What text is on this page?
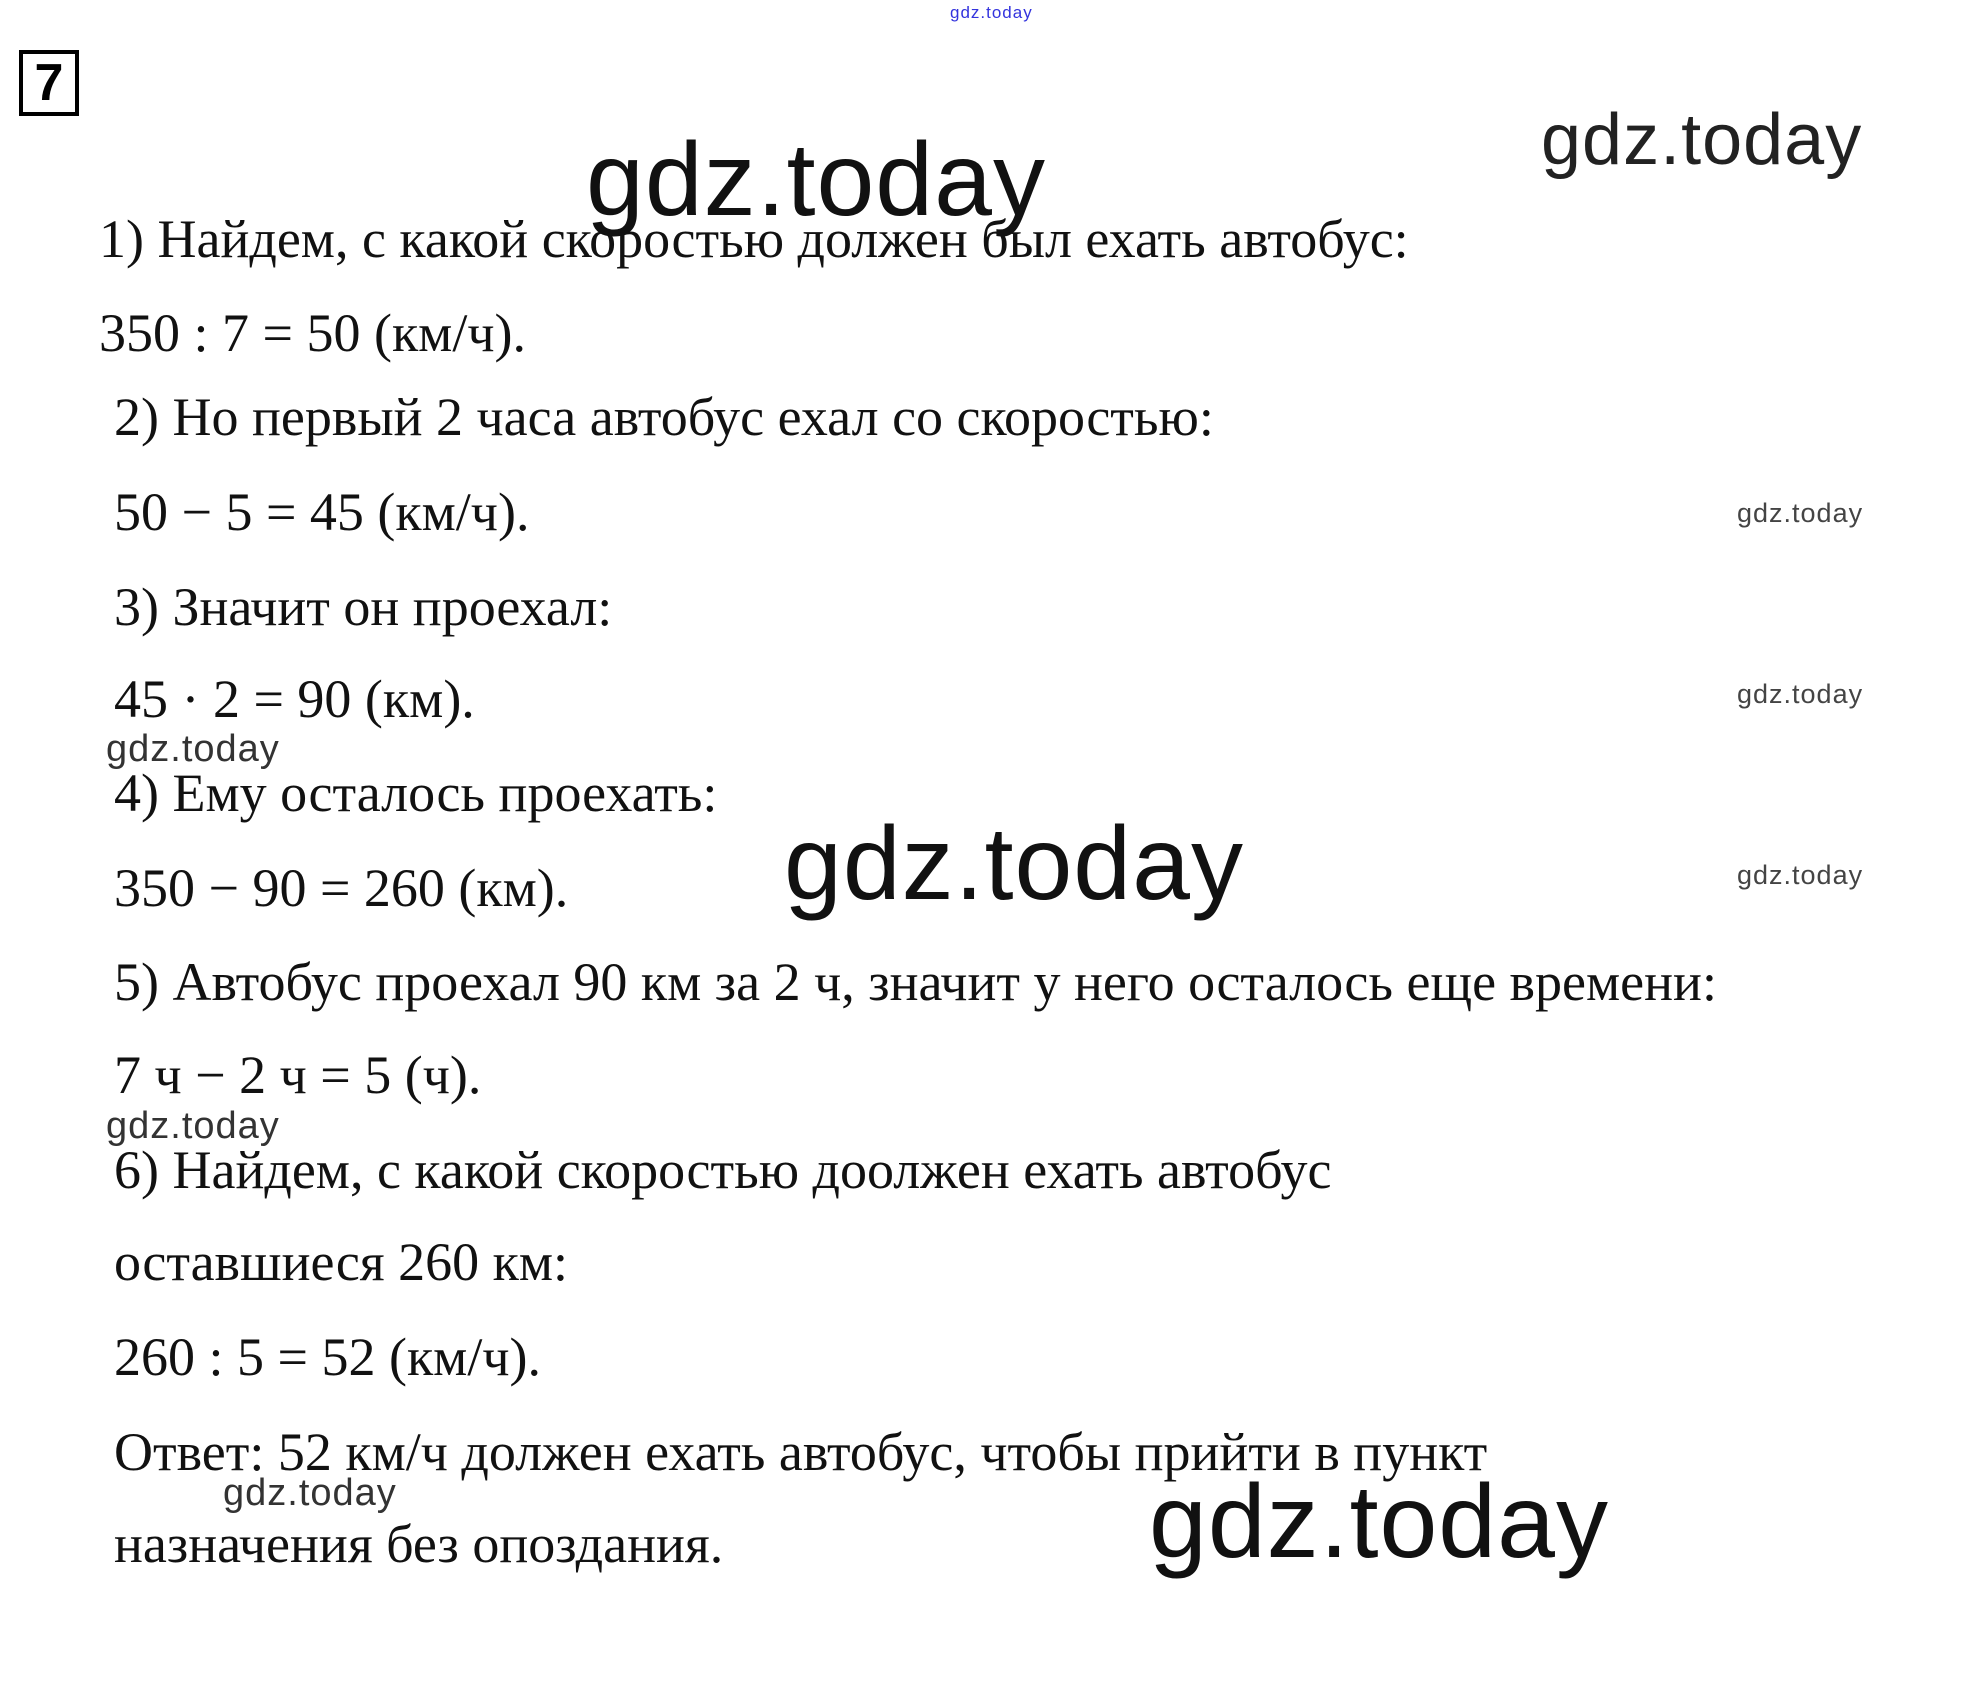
gdz.today
7
gdz.today
gdz.today
1) Найдем, с какой скоростью должен был ехать автобус:
350 : 7 = 50 (км/ч).
2) Но первый 2 часа автобус ехал со скоростью:
50 − 5 = 45 (км/ч).
3) Значит он проехал:
45 · 2 = 90 (км).
4) Ему осталось проехать:
350 − 90 = 260 (км).
5) Автобус проехал 90 км за 2 ч, значит у него осталось еще времени:
7 ч − 2 ч = 5 (ч).
6) Найдем, с какой скоростью доолжен ехать автобус
оставшиеся 260 км:
260 : 5 = 52 (км/ч).
Ответ: 52 км/ч должен ехать автобус, чтобы прийти в пункт
назначения без опоздания.
gdz.today
gdz.today
gdz.today
gdz.today
gdz.today
gdz.today
gdz.today
gdz.today
